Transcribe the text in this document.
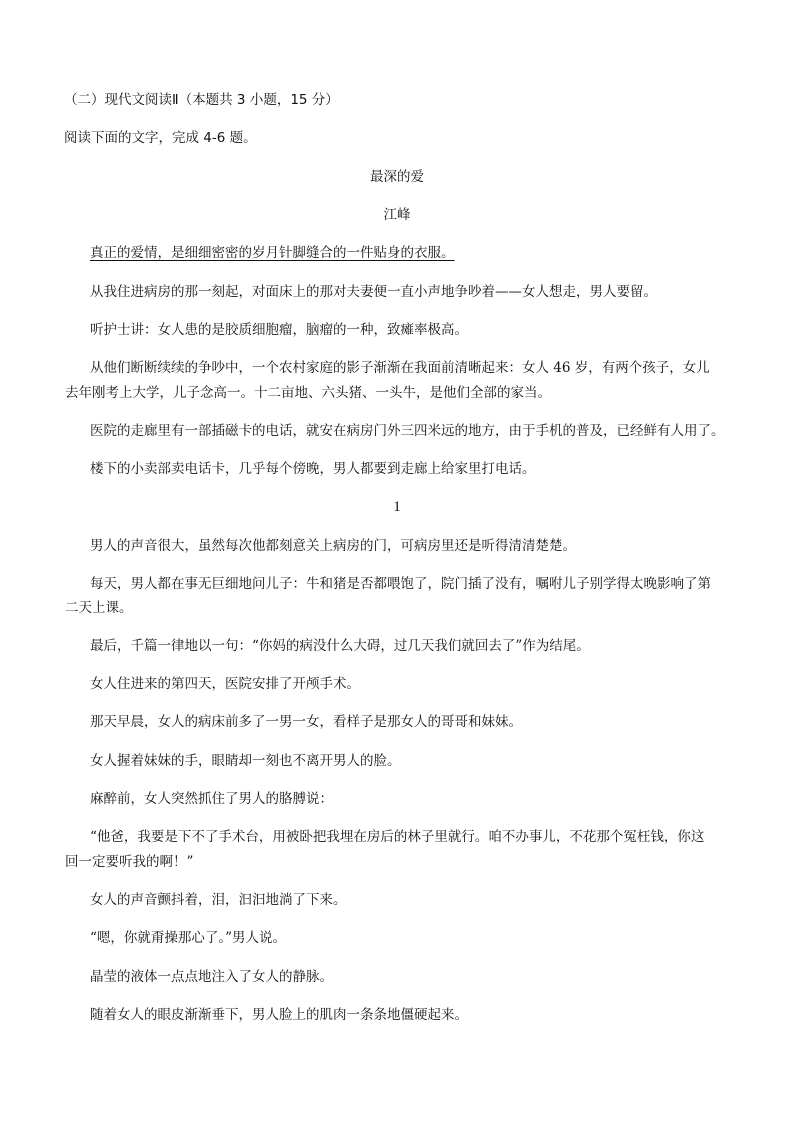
（二）现代文阅读Ⅱ（本题共 3 小题，15 分）
阅读下面的文字，完成 4-6 题。
最深的爱
江峰
真正的爱情，是细细密密的岁月针脚缝合的一件贴身的衣服。
从我住进病房的那一刻起，对面床上的那对夫妻便一直小声地争吵着——女人想走，男人要留。
听护士讲：女人患的是胶质细胞瘤，脑瘤的一种，致瘫率极高。
从他们断断续续的争吵中，一个农村家庭的影子渐渐在我面前清晰起来：女人 46 岁，有两个孩子，女儿
去年刚考上大学，儿子念高一。十二亩地、六头猪、一头牛，是他们全部的家当。
医院的走廊里有一部插磁卡的电话，就安在病房门外三四米远的地方，由于手机的普及，已经鲜有人用了。
楼下的小卖部卖电话卡，几乎每个傍晚，男人都要到走廊上给家里打电话。
1
男人的声音很大，虽然每次他都刻意关上病房的门，可病房里还是听得清清楚楚。
每天，男人都在事无巨细地问儿子：牛和猪是否都喂饱了，院门插了没有，嘱咐儿子别学得太晚影响了第
二天上课。
最后，千篇一律地以一句：“你妈的病没什么大碍，过几天我们就回去了”作为结尾。
女人住进来的第四天，医院安排了开颅手术。
那天早晨，女人的病床前多了一男一女，看样子是那女人的哥哥和妹妹。
女人握着妹妹的手，眼睛却一刻也不离开男人的脸。
麻醉前，女人突然抓住了男人的胳膊说：
“他爸，我要是下不了手术台，用被卧把我埋在房后的林子里就行。咱不办事儿，不花那个冤枉钱，你这
回一定要听我的啊！”
女人的声音颤抖着，泪，汩汩地淌了下来。
“嗯，你就甭操那心了。”男人说。
晶莹的液体一点点地注入了女人的静脉。
随着女人的眼皮渐渐垂下，男人脸上的肌肉一条条地僵硬起来。
